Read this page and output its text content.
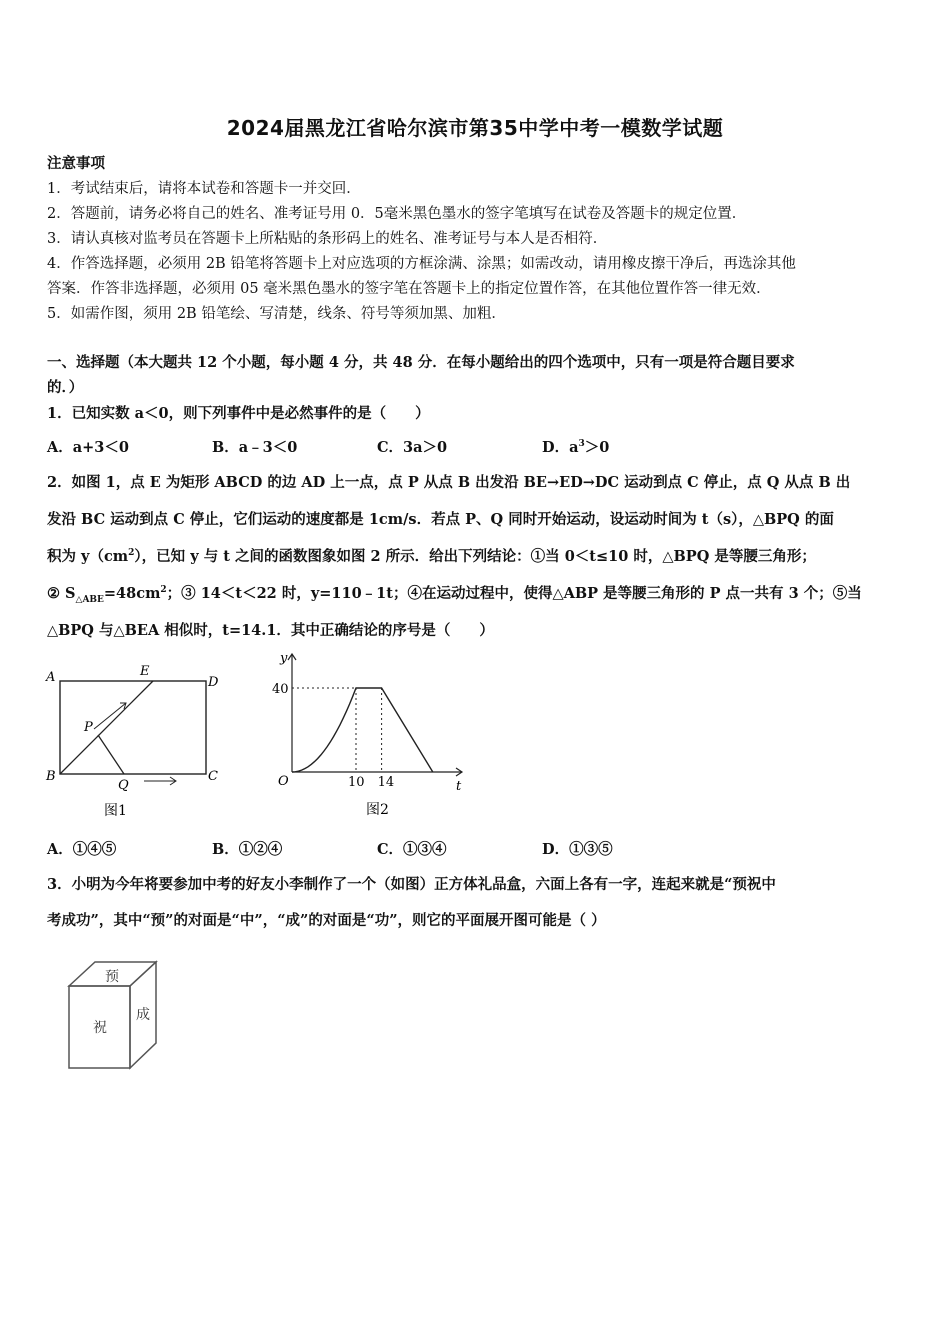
2024届黑龙江省哈尔滨市第35中学中考一模数学试题
注意事项
1．考试结束后，请将本试卷和答题卡一并交回．
2．答题前，请务必将自己的姓名、准考证号用 0．5毫米黑色墨水的签字笔填写在试卷及答题卡的规定位置．
3．请认真核对监考员在答题卡上所粘贴的条形码上的姓名、准考证号与本人是否相符．
4．作答选择题，必须用 2B 铅笔将答题卡上对应选项的方框涂满、涂黑；如需改动，请用橡皮擦干净后，再选涂其他
答案．作答非选择题，必须用 05 毫米黑色墨水的签字笔在答题卡上的指定位置作答，在其他位置作答一律无效．
5．如需作图，须用 2B 铅笔绘、写清楚，线条、符号等须加黑、加粗．
一、选择题（本大题共 12 个小题，每小题 4 分，共 48 分．在每小题给出的四个选项中，只有一项是符合题目要求
的．）
1．已知实数 a＜0，则下列事件中是必然事件的是（　　）
A．a+3＜0	B．a﹣3＜0	C．3a＞0	D．$a^3>0$
2．如图 1，点 E 为矩形 ABCD 的边 AD 上一点，点 P 从点 B 出发沿 BE→ED→DC 运动到点 C 停止，点 Q 从点 B 出
发沿 BC 运动到点 C 停止，它们运动的速度都是 1cm/s．若点 P、Q 同时开始运动，设运动时间为 t（s），△BPQ 的面
积为 $y(cm^2)$，已知 y 与 t 之间的函数图象如图 2 所示．给出下列结论：①当 0＜t≤10 时，△BPQ 是等腰三角形；
② $S_{\triangle ABE}=48cm^2$；③ 14＜t＜22 时，y=110﹣1t；④在运动过程中，使得△ABP 是等腰三角形的 P 点一共有 3 个；⑤当
△BPQ 与△BEA 相似时，t=14.1．其中正确结论的序号是（　　）
A	E
D
P
B
Q
C
图1
y
t
O
40
10 14
图2
A．①④⑤	B．①②④	C．①③④	D．①③⑤
3．小明为今年将要参加中考的好友小李制作了一个（如图）正方体礼品盒，六面上各有一字，连起来就是“预祝中
考成功”，其中“预”的对面是“中”，“成”的对面是“功”，则它的平面展开图可能是（ ）
预
祝
成
